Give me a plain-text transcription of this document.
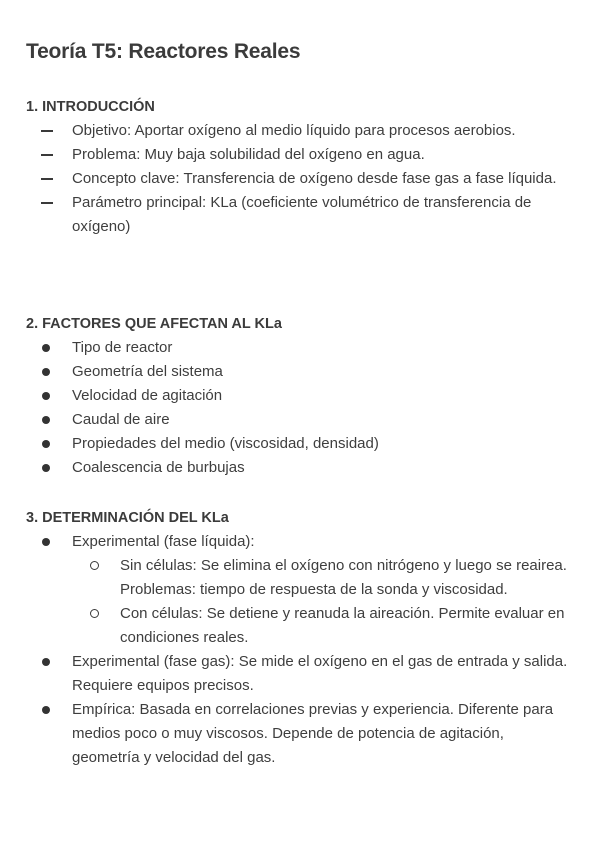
Teoría T5: Reactores Reales
1. INTRODUCCIÓN
Objetivo: Aportar oxígeno al medio líquido para procesos aerobios.
Problema: Muy baja solubilidad del oxígeno en agua.
Concepto clave: Transferencia de oxígeno desde fase gas a fase líquida.
Parámetro principal: KLa (coeficiente volumétrico de transferencia de oxígeno)
2. FACTORES QUE AFECTAN AL KLa
Tipo de reactor
Geometría del sistema
Velocidad de agitación
Caudal de aire
Propiedades del medio (viscosidad, densidad)
Coalescencia de burbujas
3. DETERMINACIÓN DEL KLa
Experimental (fase líquida):
Sin células: Se elimina el oxígeno con nitrógeno y luego se reairea. Problemas: tiempo de respuesta de la sonda y viscosidad.
Con células: Se detiene y reanuda la aireación. Permite evaluar en condiciones reales.
Experimental (fase gas): Se mide el oxígeno en el gas de entrada y salida. Requiere equipos precisos.
Empírica: Basada en correlaciones previas y experiencia. Diferente para medios poco o muy viscosos. Depende de potencia de agitación, geometría y velocidad del gas.
